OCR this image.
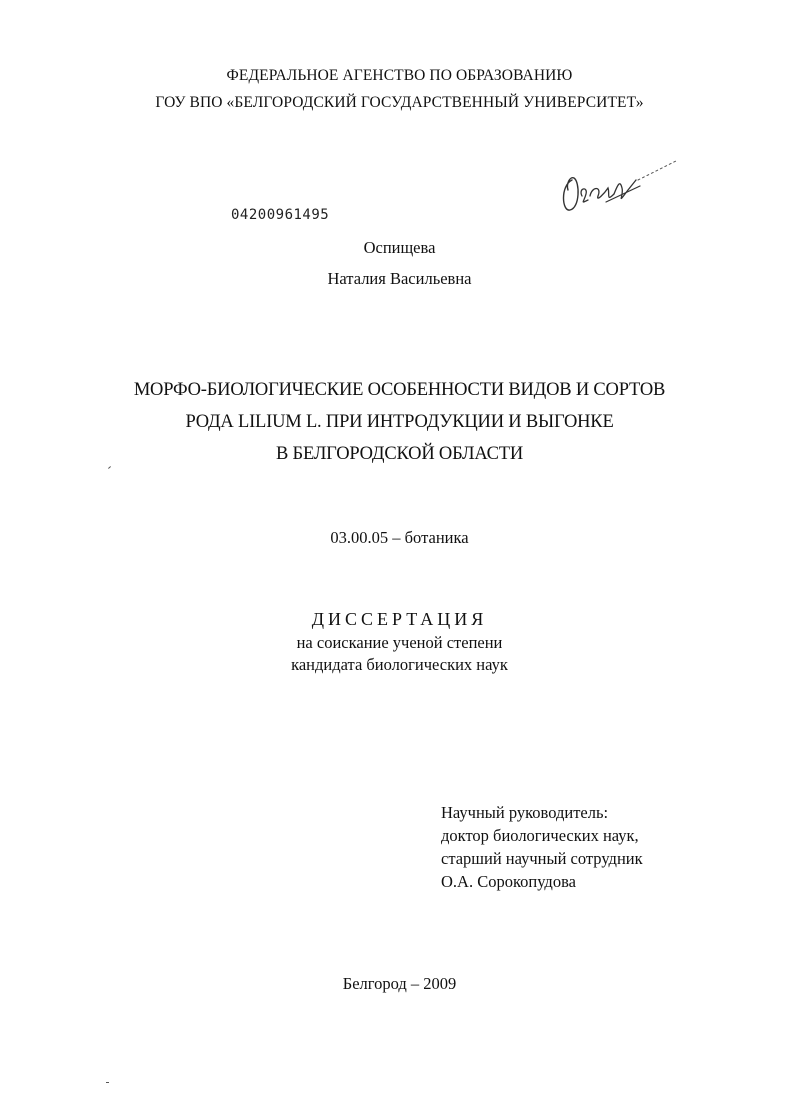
ФЕДЕРАЛЬНОЕ АГЕНСТВО ПО ОБРАЗОВАНИЮ
ГОУ ВПО «БЕЛГОРОДСКИЙ ГОСУДАРСТВЕННЫЙ УНИВЕРСИТЕТ»
04200961495
Оспищева
Наталия Васильевна
МОРФО-БИОЛОГИЧЕСКИЕ ОСОБЕННОСТИ ВИДОВ И СОРТОВ
РОДА LILIUM L. ПРИ ИНТРОДУКЦИИ И ВЫГОНКЕ
В БЕЛГОРОДСКОЙ ОБЛАСТИ
03.00.05 – ботаника
ДИССЕРТАЦИЯ
на соискание ученой степени
кандидата биологических наук
Научный руководитель:
доктор биологических наук,
старший научный сотрудник
О.А. Сорокопудова
Белгород – 2009
